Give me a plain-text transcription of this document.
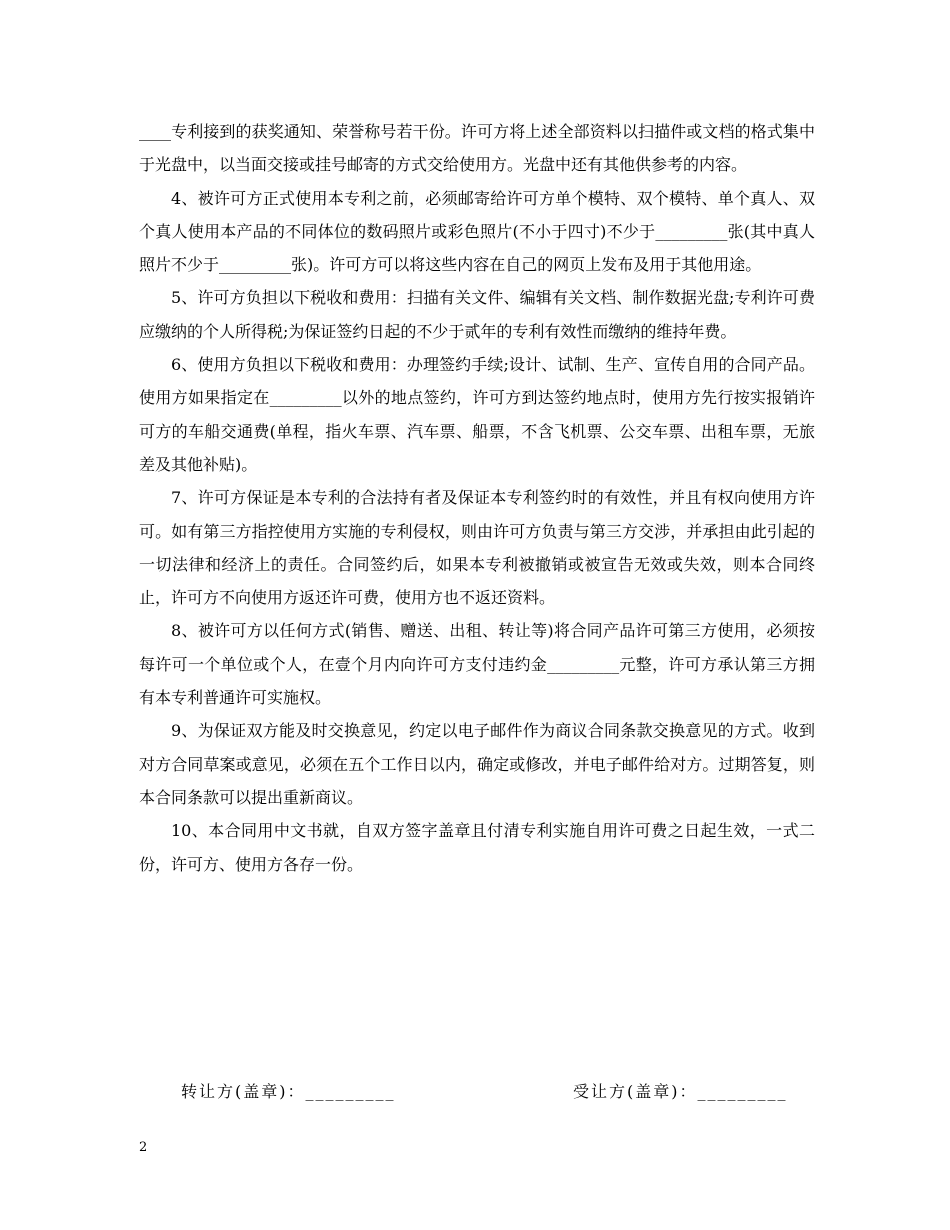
____专利接到的获奖通知、荣誉称号若干份。许可方将上述全部资料以扫描件或文档的格式集中于光盘中，以当面交接或挂号邮寄的方式交给使用方。光盘中还有其他供参考的内容。

4、被许可方正式使用本专利之前，必须邮寄给许可方单个模特、双个模特、单个真人、双个真人使用本产品的不同体位的数码照片或彩色照片(不小于四寸)不少于_________张(其中真人照片不少于_________张)。许可方可以将这些内容在自己的网页上发布及用于其他用途。

5、许可方负担以下税收和费用：扫描有关文件、编辑有关文档、制作数据光盘;专利许可费应缴纳的个人所得税;为保证签约日起的不少于贰年的专利有效性而缴纳的维持年费。

6、使用方负担以下税收和费用：办理签约手续;设计、试制、生产、宣传自用的合同产品。使用方如果指定在_________以外的地点签约，许可方到达签约地点时，使用方先行按实报销许可方的车船交通费(单程，指火车票、汽车票、船票，不含飞机票、公交车票、出租车票，无旅差及其他补贴)。

7、许可方保证是本专利的合法持有者及保证本专利签约时的有效性，并且有权向使用方许可。如有第三方指控使用方实施的专利侵权，则由许可方负责与第三方交涉，并承担由此引起的一切法律和经济上的责任。合同签约后，如果本专利被撤销或被宣告无效或失效，则本合同终止，许可方不向使用方返还许可费，使用方也不返还资料。

8、被许可方以任何方式(销售、赠送、出租、转让等)将合同产品许可第三方使用，必须按每许可一个单位或个人，在壹个月内向许可方支付违约金_________元整，许可方承认第三方拥有本专利普通许可实施权。

9、为保证双方能及时交换意见，约定以电子邮件作为商议合同条款交换意见的方式。收到对方合同草案或意见，必须在五个工作日以内，确定或修改，并电子邮件给对方。过期答复，则本合同条款可以提出重新商议。

10、本合同用中文书就，自双方签字盖章且付清专利实施自用许可费之日起生效，一式二份，许可方、使用方各存一份。

转让方(盖章)：_________	受让方(盖章)：_________
2
